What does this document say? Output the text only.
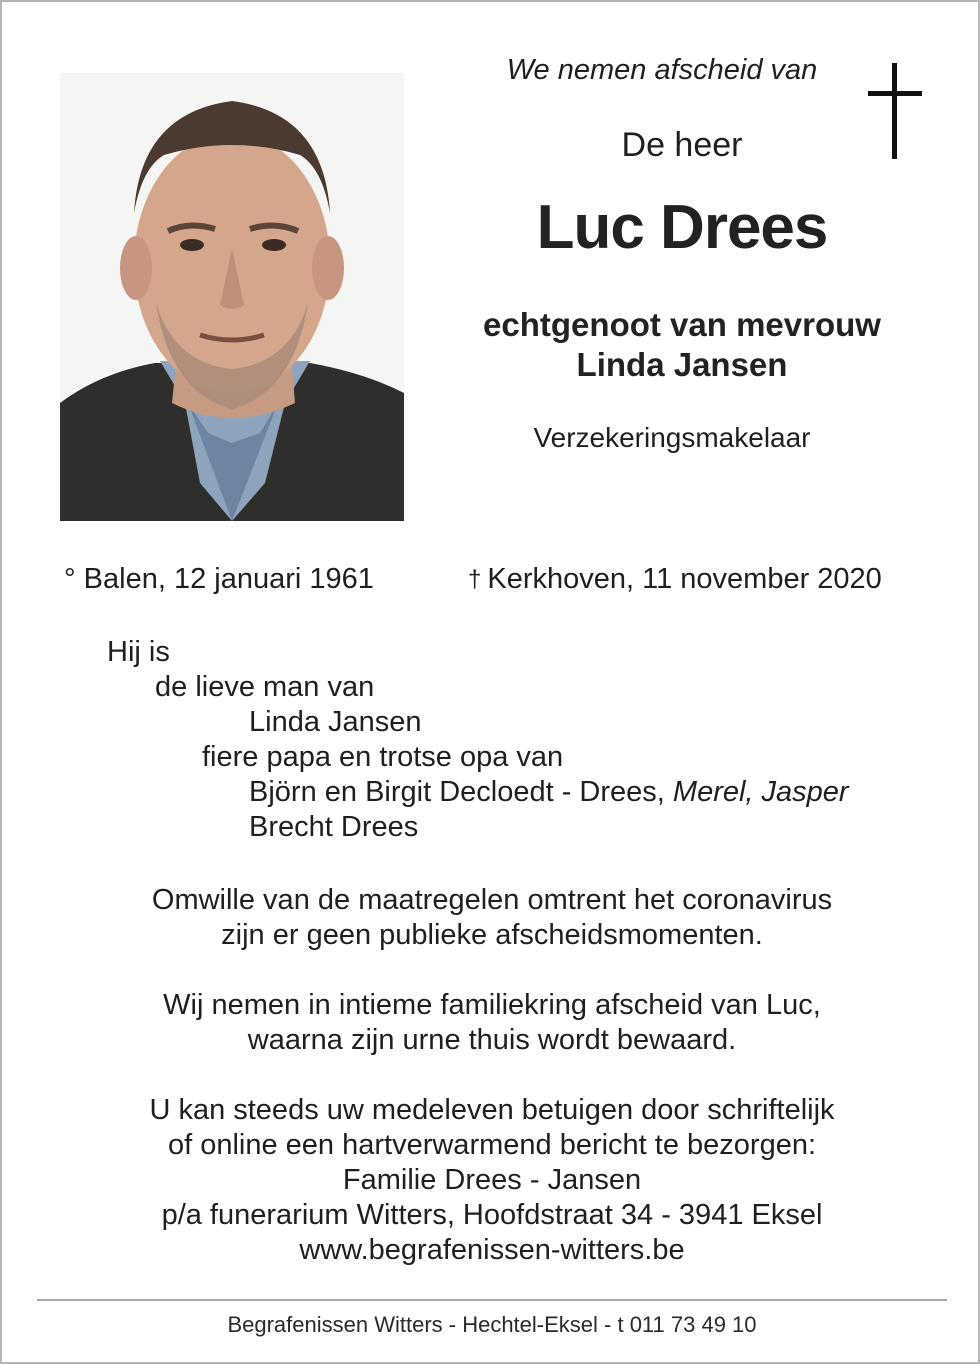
We nemen afscheid van
De heer
Luc Drees
echtgenoot van mevrouw
Linda Jansen
Verzekeringsmakelaar
° Balen, 12 januari 1961	† Kerkhoven, 11 november 2020
Hij is
de lieve man van
Linda Jansen
fiere papa en trotse opa van
Björn en Birgit Decloedt - Drees, Merel, Jasper
Brecht Drees
Omwille van de maatregelen omtrent het coronavirus
zijn er geen publieke afscheidsmomenten.
Wij nemen in intieme familiekring afscheid van Luc,
waarna zijn urne thuis wordt bewaard.
U kan steeds uw medeleven betuigen door schriftelijk
of online een hartverwarmend bericht te bezorgen:
Familie Drees - Jansen
p/a funerarium Witters, Hoofdstraat 34 - 3941 Eksel
www.begrafenissen-witters.be
Begrafenissen Witters - Hechtel-Eksel - t 011 73 49 10
